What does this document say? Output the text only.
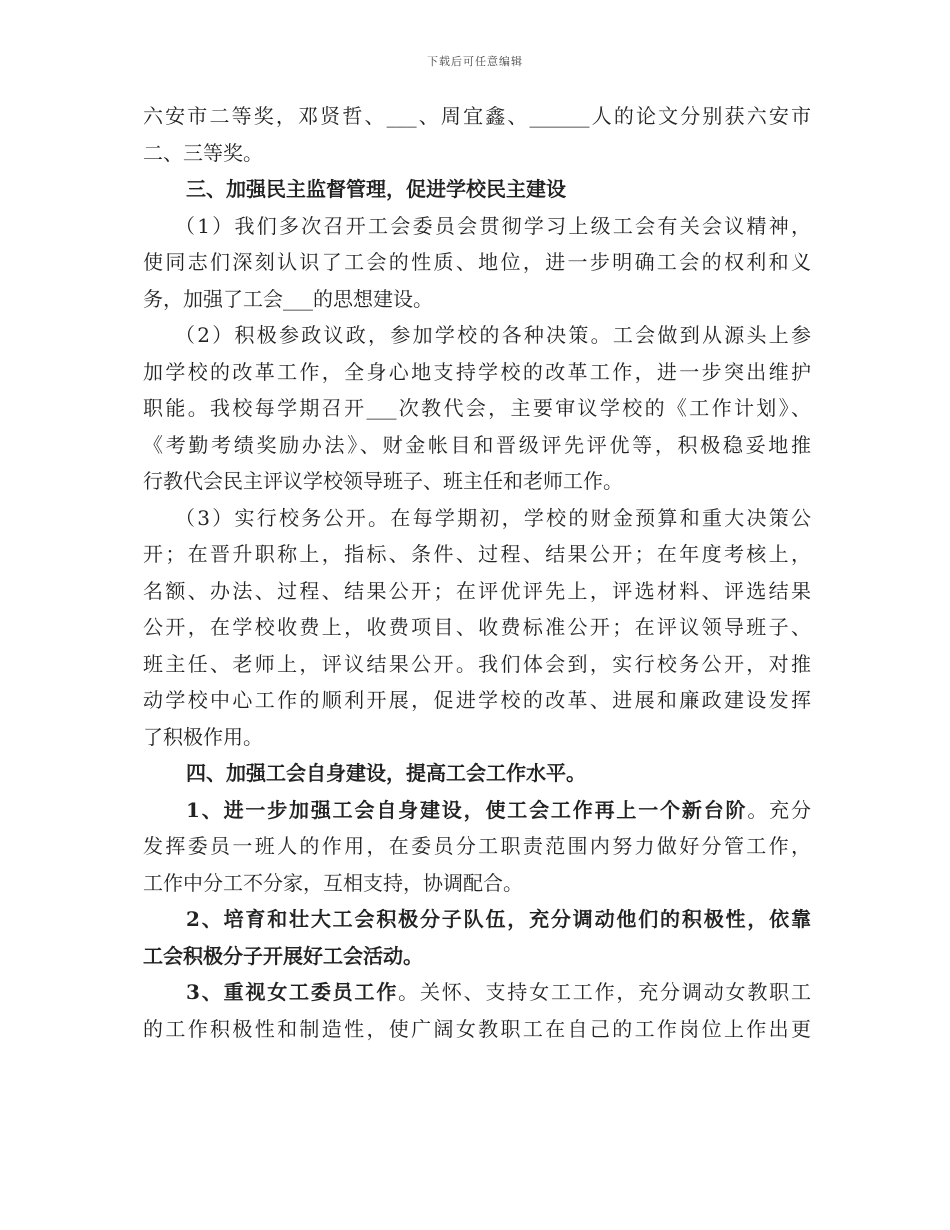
下载后可任意编辑
六安市二等奖，邓贤哲、___、周宜鑫、______人的论文分别获六安市
二、三等奖。
三、加强民主监督管理，促进学校民主建设
（1）我们多次召开工会委员会贯彻学习上级工会有关会议精神，
使同志们深刻认识了工会的性质、地位，进一步明确工会的权利和义
务，加强了工会___的思想建设。
（2）积极参政议政，参加学校的各种决策。工会做到从源头上参
加学校的改革工作，全身心地支持学校的改革工作，进一步突出维护
职能。我校每学期召开___次教代会，主要审议学校的《工作计划》、
《考勤考绩奖励办法》、财金帐目和晋级评先评优等，积极稳妥地推
行教代会民主评议学校领导班子、班主任和老师工作。
（3）实行校务公开。在每学期初，学校的财金预算和重大决策公
开；在晋升职称上，指标、条件、过程、结果公开；在年度考核上，
名额、办法、过程、结果公开；在评优评先上，评选材料、评选结果
公开，在学校收费上，收费项目、收费标准公开；在评议领导班子、
班主任、老师上，评议结果公开。我们体会到，实行校务公开，对推
动学校中心工作的顺利开展，促进学校的改革、进展和廉政建设发挥
了积极作用。
四、加强工会自身建设，提高工会工作水平。
1、进一步加强工会自身建设，使工会工作再上一个新台阶。充分
发挥委员一班人的作用，在委员分工职责范围内努力做好分管工作，
工作中分工不分家，互相支持，协调配合。
2、培育和壮大工会积极分子队伍，充分调动他们的积极性，依靠
工会积极分子开展好工会活动。
3、重视女工委员工作。关怀、支持女工工作，充分调动女教职工
的工作积极性和制造性，使广阔女教职工在自己的工作岗位上作出更
